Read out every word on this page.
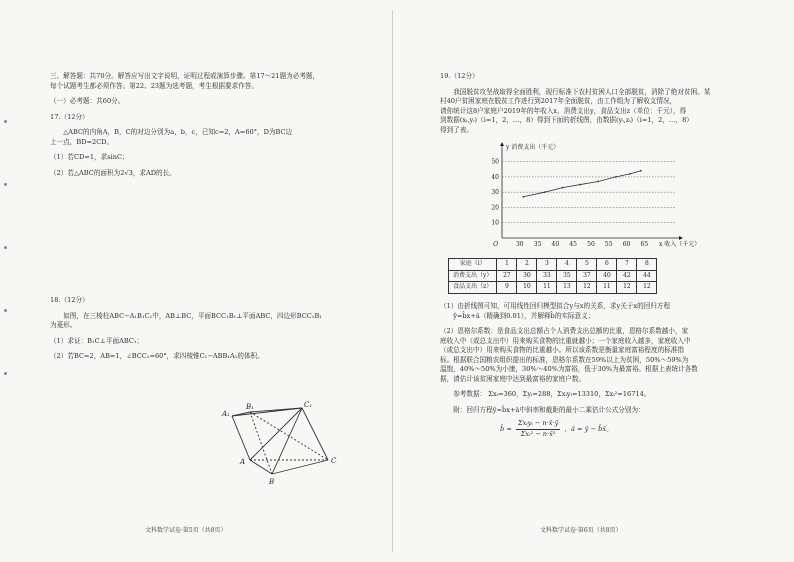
三、解答题：共70分。解答应写出文字说明，证明过程或演算步骤。第17～21题为必考题，
每个试题考生都必须作答。第22、23题为选考题，考生根据要求作答。
（一）必考题：共60分。
17.（12分）
△ABC的内角A，B，C的对边分别为a，b，c，已知c=2，A=60°，D为BC边
上一点，BD=2CD。
（1）若CD=1，求sinC；
（2）若△ABC的面积为2√3，求AD的长。
18.（12分）
如图，在三棱柱ABC−A₁B₁C₁中，AB⊥BC，平面BCC₁B₁⊥平面ABC，四边形BCC₁B₁
为菱形。
（1）求证：B₁C⊥平面ABC₁；
（2）若BC=2，AB=1，∠BCC₁=60°，求四棱锥C₁−ABB₁A₁的体积。
A₁
B₁	C₁
A
B
C
文科数学试卷·第5页（共8页）
19.（12分）
我国脱贫攻坚战取得全面胜利，现行标准下农村贫困人口全部脱贫，消除了绝对贫困。某
村40户贫困家庭在脱贫工作进行到2017年全面脱贫，由工作组为了解收支情况，
请你统计这8户家庭户2019年的年收入x，消费支出y，食品支出z（单位：千元），得
到数据(xᵢ,yᵢ)（i=1，2，…，8）得到下面的折线图，由数据(yᵢ,zᵢ)（i=1，2，…，8）
得到了表。
10
20
30
40
50
30 35 40 45 50 55 60 65
O
y 消费支出（千元）
x 收入（千元）
家庭（i）	1	2	3	4	5	6	7	8
消费支出（y）	27	30	33	35	37	40	42	44
食品支出（z）	9	10	11	13	12	11	12	12
（1）由折线图可知，可用线性回归模型拟合y与x的关系，求y关于x的回归方程
ŷ=b̂x+â（精确到0.01），并解释b̂的实际意义；
（2）恩格尔系数：是食品支出总额占个人消费支出总额的比重，恩格尔系数越小，家
庭收入中（或总支出中）用来购买食物的比重就越小；一个家庭收入越多，家庭收入中
（或总支出中）用来购买食物的比重越小。所以该系数是衡量家庭富裕程度的标准指
标。根据联合国粮农组织提出的标准，恩格尔系数在59%以上为贫困，50%～59%为
温饱，40%～50%为小康，30%～40%为富裕，低于30%为最富裕。根据上表统计各数
据，请估计该贫困家庭中达到最富裕的家庭户数。
参考数据： Σxᵢ=360，Σyᵢ=288，Σxᵢyᵢ=13310，Σxᵢ²=16714。
附：回归方程ŷ=b̂x+â中斜率和截距的最小二乘估计公式分别为：
b̂ = $\frac{\text{Σxᵢyᵢ − n·x̄·ȳ}}{\text{Σxᵢ² − n·x̄²}}$ ，â = ȳ − b̂x̄。
文科数学试卷·第6页（共8页）
